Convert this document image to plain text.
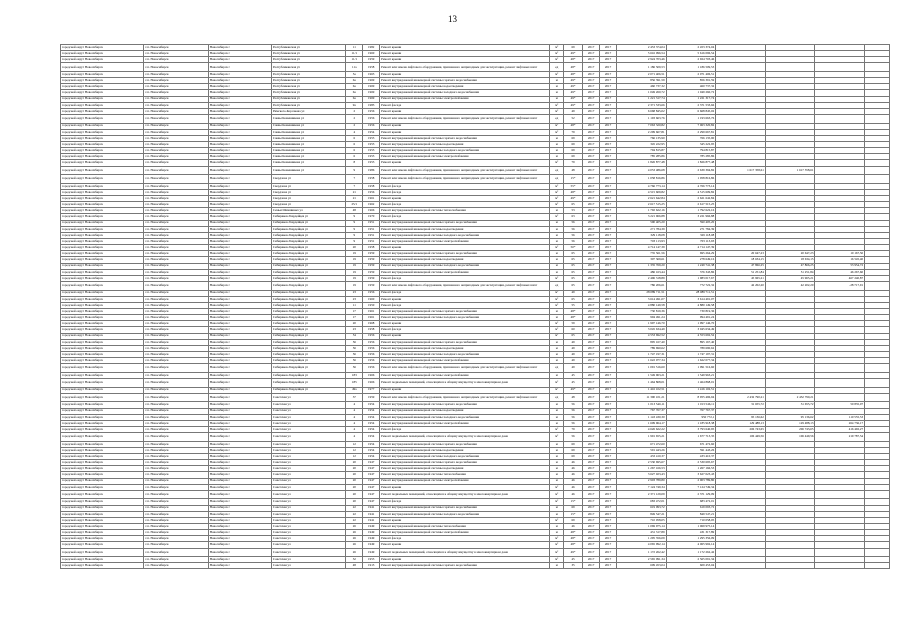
13
городской округ Новосибирск	г.п. Новосибирск	Новосибирск г	Республиканская ул	11	1982	Ремонт крыши	м²	69	2017	2017	2 453 374,04	2 453 374,04				
городской округ Новосибирск	г.п. Новосибирск	Новосибирск г	Республиканская ул	11/1	1960	Ремонт крыши	м²	49*	2017	2017	5 616 096,54	5 616 096,54				
городской округ Новосибирск	г.п. Новосибирск	Новосибирск г	Республиканская ул	11/1	1959	Ремонт крыши	м²	48*	2017	2017	2 924 703,46	2 924 703,46				
городской округ Новосибирск	г.п. Новосибирск	Новосибирск г	Республиканская ул	11a	1958	Ремонт или замена лифтового оборудования, признанного непригодным для эксплуатации, ремонт лифтовых шахт	ед	48*	2017	2017	1 186 509,53	1 186 509,53				
городской округ Новосибирск	г.п. Новосибирск	Новосибирск г	Республиканская ул	5a	1963	Ремонт крыши	м²	48*	2017	2017	2 071 406,51	2 071 406,51				
городской округ Новосибирск	г.п. Новосибирск	Новосибирск г	Республиканская ул	6a	1969	Ремонт внутридомовой инженерной системы горячего водоснабжения	м	49*	2017	2017	856 391,59	856 391,59				
городской округ Новосибирск	г.п. Новосибирск	Новосибирск г	Республиканская ул	6a	1969	Ремонт внутридомовой инженерной системы водоотведения	м	49*	2017	2017	460 737,32	460 737,32				
городской округ Новосибирск	г.п. Новосибирск	Новосибирск г	Республиканская ул	6a	1969	Ремонт внутридомовой инженерной системы холодного водоснабжения	м	49*	2017	2017	1 049 260,72	1 049 260,72				
городской округ Новосибирск	г.п. Новосибирск	Новосибирск г	Республиканская ул	6a	1969	Ремонт внутридомовой инженерной системы электроснабжения	м	49*	2017	2017	1 221 317,74	1 221 317,74				
городской округ Новосибирск	г.п. Новосибирск	Новосибирск г	Республиканская ул	9a	1983	Ремонт фасада	м²	49*	2017	2017	2 371 533,66	2 371 533,66				
городской округ Новосибирск	г.п. Новосибирск	Новосибирск г	Римского-Корсакова ул	2	1956	Ремонт крыши	м²	49	2017	2017	6 668 845,02	6 668 845,02				
городской округ Новосибирск	г.п. Новосибирск	Новосибирск г	Саввы Кожевникова ул	2	1956	Ремонт или замена лифтового оборудования, признанного непригодным для эксплуатации, ремонт лифтовых шахт	ед	52	2017	2017	1 193 663,76	1 193 663,76				
городской округ Новосибирск	г.п. Новосибирск	Новосибирск г	Саввы Кожевникова ул	2	1956	Ремонт крыши	м²	48*	2017	2017	7 063 320,82	7 063 320,82				
городской округ Новосибирск	г.п. Новосибирск	Новосибирск г	Саввы Кожевникова ул	4	1954	Ремонт крыши	м²	79	2017	2017	2 299 667,81	2 299 667,81				
городской округ Новосибирск	г.п. Новосибирск	Новосибирск г	Саввы Кожевникова ул	6	1953	Ремонт внутридомовой инженерной системы горячего водоснабжения	м	69	2017	2017	766 135,90	766 135,90				
городской округ Новосибирск	г.п. Новосибирск	Новосибирск г	Саввы Кожевникова ул	6	1953	Ремонт внутридомовой инженерной системы водоотведения	м	69	2017	2017	345 222,95	345 222,95				
городской округ Новосибирск	г.п. Новосибирск	Новосибирск г	Саввы Кожевникова ул	6	1953	Ремонт внутридомовой инженерной системы холодного водоснабжения	м	69	2017	2017	794 815,87	794 815,87				
городской округ Новосибирск	г.п. Новосибирск	Новосибирск г	Саввы Кожевникова ул	6	1953	Ремонт внутридомовой инженерной системы электроснабжения	м	69	2017	2017	785 285,86	785 285,86				
городской округ Новосибирск	г.п. Новосибирск	Новосибирск г	Саввы Кожевникова ул	8	1953	Ремонт крыши	м²	79	2017	2017	1 826 877,48	1 826 877,48				
городской округ Новосибирск	г.п. Новосибирск	Новосибирск г	Саввы Кожевникова ул	9	1986	Ремонт или замена лифтового оборудования, признанного непригодным для эксплуатации, ремонт лифтовых шахт	ед	48	2017	2017	4 053 486,68	2 639 394,82	1 617 358,61	1 617 358,61		
городской округ Новосибирск	г.п. Новосибирск	Новосибирск г	Свердлова ул	7	1958	Ремонт или замена лифтового оборудования, признанного непригодным для эксплуатации, ремонт лифтовых шахт	ед	15*	2017	2017	1 058 816,86	1 058 816,86				
городской округ Новосибирск	г.п. Новосибирск	Новосибирск г	Свердлова ул	7	1958	Ремонт фасада	м²	55*	2017	2017	4 766 773,14	4 766 773,14				
городской округ Новосибирск	г.п. Новосибирск	Новосибирск г	Свердлова ул	21	1956	Ремонт фасада	м²	48*	2017	2017	4 515 609,82	4 515 609,82				
городской округ Новосибирск	г.п. Новосибирск	Новосибирск г	Свердлова ул	21	1961	Ремонт крыши	м²	49*	2017	2017	2 621 642,84	2 621 642,84				
городской округ Новосибирск	г.п. Новосибирск	Новосибирск г	Свердлова ул	25/1	1962	Ремонт фасада	м²	65	2017	2017	2 617 515,25	2 617 515,25				
городской округ Новосибирск	г.п. Новосибирск	Новосибирск г	Семьи Шамшиных ул	48	1966	Ремонт внутридомовой инженерной системы теплоснабжения	м	53	2017	2017	1 792 622,16	1 792 622,16				
городской округ Новосибирск	г.п. Новосибирск	Новосибирск г	Сибиряков-Гвардейцев ул	9	1970	Ремонт фасада	м²	63	2017	2017	3 221 966,88	3 221 966,88				
городской округ Новосибирск	г.п. Новосибирск	Новосибирск г	Сибиряков-Гвардейцев ул	9	1951	Ремонт внутридомовой инженерной системы горячего водоснабжения	м	56	2017	2017	590 405,20	590 405,20				
городской округ Новосибирск	г.п. Новосибирск	Новосибирск г	Сибиряков-Гвардейцев ул	9	1951	Ремонт внутридомовой инженерной системы водоотведения	м	56	2017	2017	271 784,39	271 784,39				
городской округ Новосибирск	г.п. Новосибирск	Новосибирск г	Сибиряков-Гвардейцев ул	9	1951	Ремонт внутридомовой инженерной системы холодного водоснабжения	м	56	2017	2017	329 118,08	329 118,08				
городской округ Новосибирск	г.п. Новосибирск	Новосибирск г	Сибиряков-Гвардейцев ул	9	1951	Ремонт внутридомовой инженерной системы электроснабжения	м	56	2017	2017	703 113,93	703 113,93				
городской округ Новосибирск	г.п. Новосибирск	Новосибирск г	Сибиряков-Гвардейцев ул	20	1958	Ремонт крыши	м²	50*	2017	2017	4 714 147,39	4 714 147,39				
городской округ Новосибирск	г.п. Новосибирск	Новосибирск г	Сибиряков-Гвардейцев ул	19	1959	Ремонт внутридомовой инженерной системы горячего водоснабжения	м	65	2017	2017	735 561,56	695 264,29	20 647,23	20 647,23	10 167,50	
городской округ Новосибирск	г.п. Новосибирск	Новосибирск г	Сибиряков-Гвардейцев ул	19	1959	Ремонт внутридомовой инженерной системы водоотведения	м	65	2017	2017	307 369,61	278 649,16	18 634,15	18 634,15	16 545,40	
городской округ Новосибирск	г.п. Новосибирск	Новосибирск г	Сибиряков-Гвардейцев ул	19	1959	Ремонт внутридомовой инженерной системы холодного водоснабжения	м	65	2017	2017	1 335 769,20	1 249 741,38	47 866,25	47 866,25	53 954,72	
городской округ Новосибирск	г.п. Новосибирск	Новосибирск г	Сибиряков-Гвардейцев ул	19	1959	Ремонт внутридомовой инженерной системы электроснабжения	м	65	2017	2017	486 163,44	376 343,86	51 251,84	51 251,84	46 267,60	
городской округ Новосибирск	г.п. Новосибирск	Новосибирск г	Сибиряков-Гвардейцев ул	19	1959	Ремонт фасада	м²	65	2017	2017	2 496 318,89	1 983 017,67	45 965,21	45 965,21	467 240,87	
городской округ Новосибирск	г.п. Новосибирск	Новосибирск г	Сибиряков-Гвардейцев ул	19	1959	Ремонт или замена лифтового оборудования, признанного непригодным для эксплуатации, ремонт лифтовых шахт	ед	65	2017	2017	786 206,61	772 722,32	42 202,20	42 202,20	-28 717,91	
городской округ Новосибирск	г.п. Новосибирск	Новосибирск г	Сибиряков-Гвардейцев ул	23	1956	Ремонт фасада	м²	49	2017	2017	28 089 711,51	28 089 711,51				
городской округ Новосибирск	г.п. Новосибирск	Новосибирск г	Сибиряков-Гвардейцев ул	23	1960	Ремонт крыши	м²	65	2017	2017	3 614 491,07	3 614 491,07				
городской округ Новосибирск	г.п. Новосибирск	Новосибирск г	Сибиряков-Гвардейцев ул	11	1950	Ремонт фасада	м²	55	2017	2017	4 880 149,58	4 880 149,58				
городской округ Новосибирск	г.п. Новосибирск	Новосибирск г	Сибиряков-Гвардейцев ул	17	1961	Ремонт внутридомовой инженерной системы горячего водоснабжения	м	48*	2017	2017	730 819,36	730 819,36				
городской округ Новосибирск	г.п. Новосибирск	Новосибирск г	Сибиряков-Гвардейцев ул	17	1961	Ремонт внутридомовой инженерной системы холодного водоснабжения	м	48*	2017	2017	994 491,24	994 491,24				
городской округ Новосибирск	г.п. Новосибирск	Новосибирск г	Сибиряков-Гвардейцев ул	20	1968	Ремонт крыши	м²	59	2017	2017	1 997 146,70	1 997 146,70				
городской округ Новосибирск	г.п. Новосибирск	Новосибирск г	Сибиряков-Гвардейцев ул	23	1958	Ремонт фасада	м²	60	2017	2017	3 045 634,49	3 045 634,49				
городской округ Новосибирск	г.п. Новосибирск	Новосибирск г	Сибиряков-Гвардейцев ул	54	1956	Ремонт крыши	м²	65	2017	2017	4 553 692,52	4 553 692,52				
городской округ Новосибирск	г.п. Новосибирск	Новосибирск г	Сибиряков-Гвардейцев ул	56	1956	Ремонт внутридомовой инженерной системы горячего водоснабжения	м	49	2017	2017	895 167,40	895 167,40				
городской округ Новосибирск	г.п. Новосибирск	Новосибирск г	Сибиряков-Гвардейцев ул	56	1956	Ремонт внутридомовой инженерной системы водоотведения	м	49	2017	2017	789 690,62	789 690,62				
городской округ Новосибирск	г.п. Новосибирск	Новосибирск г	Сибиряков-Гвардейцев ул	56	1956	Ремонт внутридомовой инженерной системы холодного водоснабжения	м	49	2017	2017	1 747 197,31	1 747 197,31				
городской округ Новосибирск	г.п. Новосибирск	Новосибирск г	Сибиряков-Гвардейцев ул	56	1956	Ремонт внутридомовой инженерной системы электроснабжения	м	49	2017	2017	1 622 077,34	1 622 077,34				
городской округ Новосибирск	г.п. Новосибирск	Новосибирск г	Сибиряков-Гвардейцев ул	56	1956	Ремонт или замена лифтового оборудования, признанного непригодным для эксплуатации, ремонт лифтовых шахт	ед	49	2017	2017	1 091 516,60	1 091 516,60				
городской округ Новосибирск	г.п. Новосибирск	Новосибирск г	Сибиряков-Гвардейцев ул	183	1966	Ремонт внутридомовой инженерной системы электроснабжения	м	45	2017	2017	1 549 963,21	1 549 963,21				
городской округ Новосибирск	г.п. Новосибирск	Новосибирск г	Сибиряков-Гвардейцев ул	185	1966	Ремонт подвальных помещений, относящихся к общему имуществу в многоквартирном доме	м²	45	2017	2017	1 464 868,01	1 464 868,01				
городской округ Новосибирск	г.п. Новосибирск	Новосибирск г	Сибиряков-Гвардейцев ул	49a	1977	Ремонт крыши	м²	49*	2017	2017	1 416 102,51	1 416 102,51				
городской округ Новосибирск	г.п. Новосибирск	Новосибирск г	Советская ул	37	1959	Ремонт или замена лифтового оборудования, признанного непригодным для эксплуатации, ремонт лифтовых шахт	ед	48	2017	2017	11 390 101,21	8 955 496,94	2 432 790,21	2 432 790,21		
городской округ Новосибирск	г.п. Новосибирск	Новосибирск г	Советская ул	4	1954	Ремонт внутридомовой инженерной системы горячего водоснабжения	м	56	2017	2017	1 013 546,11	1 013 546,11	31 655,72	31 655,72	50 835,07	
городской округ Новосибирск	г.п. Новосибирск	Новосибирск г	Советская ул	4	1954	Ремонт внутридомовой инженерной системы водоотведения	м	56	2017	2017	767 767,37	767 767,37				
городской округ Новосибирск	г.п. Новосибирск	Новосибирск г	Советская ул	4	1954	Ремонт внутридомовой инженерной системы холодного водоснабжения	м	56	2017	2017	1 143 430,30	950 772,1	95 136,62	95 136,62	110 555,53	
городской округ Новосибирск	г.п. Новосибирск	Новосибирск г	Советская ул	4	1954	Ремонт внутридомовой инженерной системы электроснабжения	м	56	2017	2017	1 609 964,17	1 185 918,38	129 488,13	129 488,13	264 736,17	
городской округ Новосибирск	г.п. Новосибирск	Новосибирск г	Советская ул	4	1954	Ремонт фасада	м²	79	2017	2017	4 626 622,22	3 793 640,95	206 743,65	206 743,65	416 492,27	
городской округ Новосибирск	г.п. Новосибирск	Новосибирск г	Советская ул	4	1954	Ремонт подвальных помещений, относящихся к общему имуществу в многоквартирном доме	м²	56	2017	2017	1 991 655,21	1 677 713,35	106 449,56	106 449,56	219 787,54	
городской округ Новосибирск	г.п. Новосибирск	Новосибирск г	Советская ул	12	1954	Ремонт внутридомовой инженерной системы горячего водоснабжения	м	69	2017	2017	671 472,60	671 472,60				
городской округ Новосибирск	г.п. Новосибирск	Новосибирск г	Советская ул	12	1954	Ремонт внутридомовой инженерной системы водоотведения	м	69	2017	2017	591 443,26	591 443,26				
городской округ Новосибирск	г.п. Новосибирск	Новосибирск г	Советская ул	12	1954	Ремонт внутридомовой инженерной системы холодного водоснабжения	м	69	2017	2017	433 410,37	433 410,37				
городской округ Новосибирск	г.п. Новосибирск	Новосибирск г	Советская ул	20	1947	Ремонт внутридомовой инженерной системы горячего водоснабжения	м	46	2017	2017	2 530 695,67	2 530 695,67				
городской округ Новосибирск	г.п. Новосибирск	Новосибирск г	Советская ул	20	1947	Ремонт внутридомовой инженерной системы водоотведения	м	46	2017	2017	1 267 166,53	1 267 166,53				
городской округ Новосибирск	г.п. Новосибирск	Новосибирск г	Советская ул	20	1947	Ремонт внутридомовой инженерной системы теплоснабжения	м	46	2017	2017	3 627 023,43	3 627 023,43				
городской округ Новосибирск	г.п. Новосибирск	Новосибирск г	Советская ул	20	1947	Ремонт внутридомовой инженерной системы электроснабжения	м	46	2017	2017	2 903 789,80	2 903 789,80				
городской округ Новосибирск	г.п. Новосибирск	Новосибирск г	Советская ул	20	1947	Ремонт крыши	м²	46	2017	2017	7 124 749,34	7 124 749,34				
городской округ Новосибирск	г.п. Новосибирск	Новосибирск г	Советская ул	20	1947	Ремонт подвальных помещений, относящихся к общему имуществу в многоквартирном доме	м²	46	2017	2017	2 371 129,09	2 371 129,09				
городской округ Новосибирск	г.п. Новосибирск	Новосибирск г	Советская ул	20	1947	Ремонт фасада	м²	15*	2017	2017	683 472,01	683 472,01				
городской округ Новосибирск	г.п. Новосибирск	Новосибирск г	Советская ул	22	1941	Ремонт внутридомовой инженерной системы горячего водоснабжения	м	69	2017	2017	619 093,72	619 093,72				
городской округ Новосибирск	г.п. Новосибирск	Новосибирск г	Советская ул	22	1941	Ремонт внутридомовой инженерной системы холодного водоснабжения	м	15*	2017	2017	849 547,21	849 547,21				
городской округ Новосибирск	г.п. Новосибирск	Новосибирск г	Советская ул	22	1941	Ремонт крыши	м²	69	2017	2017	710 058,05	710 058,05				
городской округ Новосибирск	г.п. Новосибирск	Новосибирск г	Советская ул	26	1949	Ремонт внутридомовой инженерной системы теплоснабжения	м	46	2017	2017	1 069 975,14	1 069 975,14				
городской округ Новосибирск	г.п. Новосибирск	Новосибирск г	Советская ул	26	1949	Ремонт внутридомовой инженерной системы электроснабжения	м	48*	2017	2017	431 317,89	431 317,89				
городской округ Новосибирск	г.п. Новосибирск	Новосибирск г	Советская ул	26	1949	Ремонт фасада	м²	48*	2017	2017	1 295 356,09	1 295 356,09				
городской округ Новосибирск	г.п. Новосибирск	Новосибирск г	Советская ул	26	1949	Ремонт крыши	м²	48*	2017	2017	4 065 992,14	4 065 992,14				
городской округ Новосибирск	г.п. Новосибирск	Новосибирск г	Советская ул	26	1949	Ремонт подвальных помещений, относящихся к общему имуществу в многоквартирном доме	м²	49*	2017	2017	1 172 262,42	1 172 262,42				
городской округ Новосибирск	г.п. Новосибирск	Новосибирск г	Советская ул	32	1953	Ремонт крыши	м²	45	2017	2017	2 565 091,34	2 565 091,34				
городской округ Новосибирск	г.п. Новосибирск	Новосибирск г	Советская ул	48	1913	Ремонт внутридомовой инженерной системы горячего водоснабжения	м	35	2017	2017	609 453,04	609 453,04				
